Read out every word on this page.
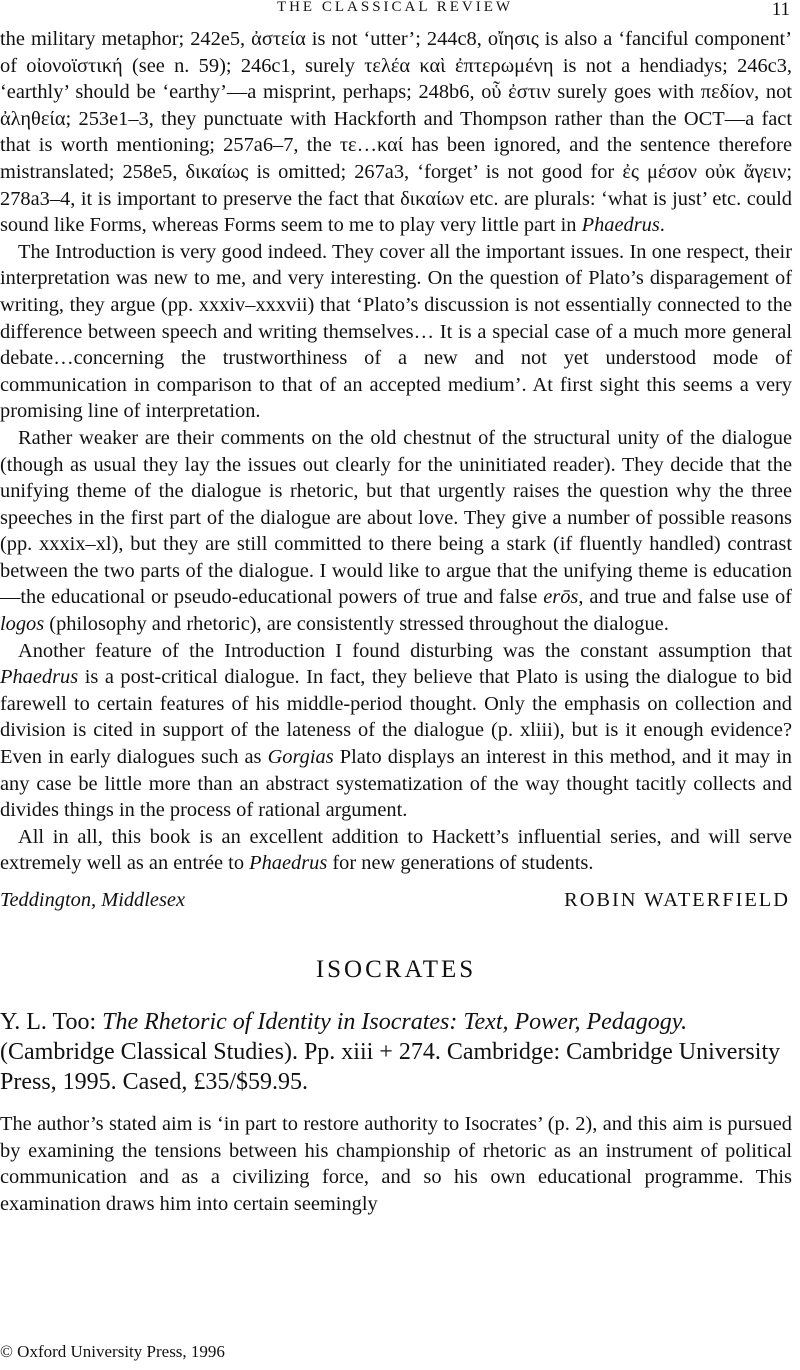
THE CLASSICAL REVIEW	11

the military metaphor; 242e5, ἀστεία is not ‘utter’; 244c8, οἴησις is also a ‘fanciful component’ of οἰονοϊστική (see n. 59); 246c1, surely τελέα καὶ ἐπτερωμένη is not a hendiadys; 246c3, ‘earthly’ should be ‘earthy’—a misprint, perhaps; 248b6, οὗ ἐστιν surely goes with πεδίον, not ἀληθεία; 253e1–3, they punctuate with Hackforth and Thompson rather than the OCT—a fact that is worth mentioning; 257a6–7, the τε…καί has been ignored, and the sentence therefore mistranslated; 258e5, δικαίως is omitted; 267a3, ‘forget’ is not good for ἐς μέσον οὐκ ἄγειν; 278a3–4, it is important to preserve the fact that δικαίων etc. are plurals: ‘what is just’ etc. could sound like Forms, whereas Forms seem to me to play very little part in Phaedrus.

The Introduction is very good indeed. They cover all the important issues. In one respect, their interpretation was new to me, and very interesting. On the question of Plato’s disparagement of writing, they argue (pp. xxxiv–xxxvii) that ‘Plato’s discussion is not essentially connected to the difference between speech and writing themselves… It is a special case of a much more general debate…concerning the trustworthiness of a new and not yet understood mode of communication in comparison to that of an accepted medium’. At first sight this seems a very promising line of interpretation.

Rather weaker are their comments on the old chestnut of the structural unity of the dialogue (though as usual they lay the issues out clearly for the uninitiated reader). They decide that the unifying theme of the dialogue is rhetoric, but that urgently raises the question why the three speeches in the first part of the dialogue are about love. They give a number of possible reasons (pp. xxxix–xl), but they are still committed to there being a stark (if fluently handled) contrast between the two parts of the dialogue. I would like to argue that the unifying theme is education—the educational or pseudo-educational powers of true and false erōs, and true and false use of logos (philosophy and rhetoric), are consistently stressed throughout the dialogue.

Another feature of the Introduction I found disturbing was the constant assumption that Phaedrus is a post-critical dialogue. In fact, they believe that Plato is using the dialogue to bid farewell to certain features of his middle-period thought. Only the emphasis on collection and division is cited in support of the lateness of the dialogue (p. xliii), but is it enough evidence? Even in early dialogues such as Gorgias Plato displays an interest in this method, and it may in any case be little more than an abstract systematization of the way thought tacitly collects and divides things in the process of rational argument.

All in all, this book is an excellent addition to Hackett’s influential series, and will serve extremely well as an entrée to Phaedrus for new generations of students.

Teddington, Middlesex	ROBIN WATERFIELD
ISOCRATES
Y. L. Too: The Rhetoric of Identity in Isocrates: Text, Power, Pedagogy. (Cambridge Classical Studies). Pp. xiii + 274. Cambridge: Cambridge University Press, 1995. Cased, £35/$59.95.

The author’s stated aim is ‘in part to restore authority to Isocrates’ (p. 2), and this aim is pursued by examining the tensions between his championship of rhetoric as an instrument of political communication and as a civilizing force, and so his own educational programme. This examination draws him into certain seemingly

© Oxford University Press, 1996
